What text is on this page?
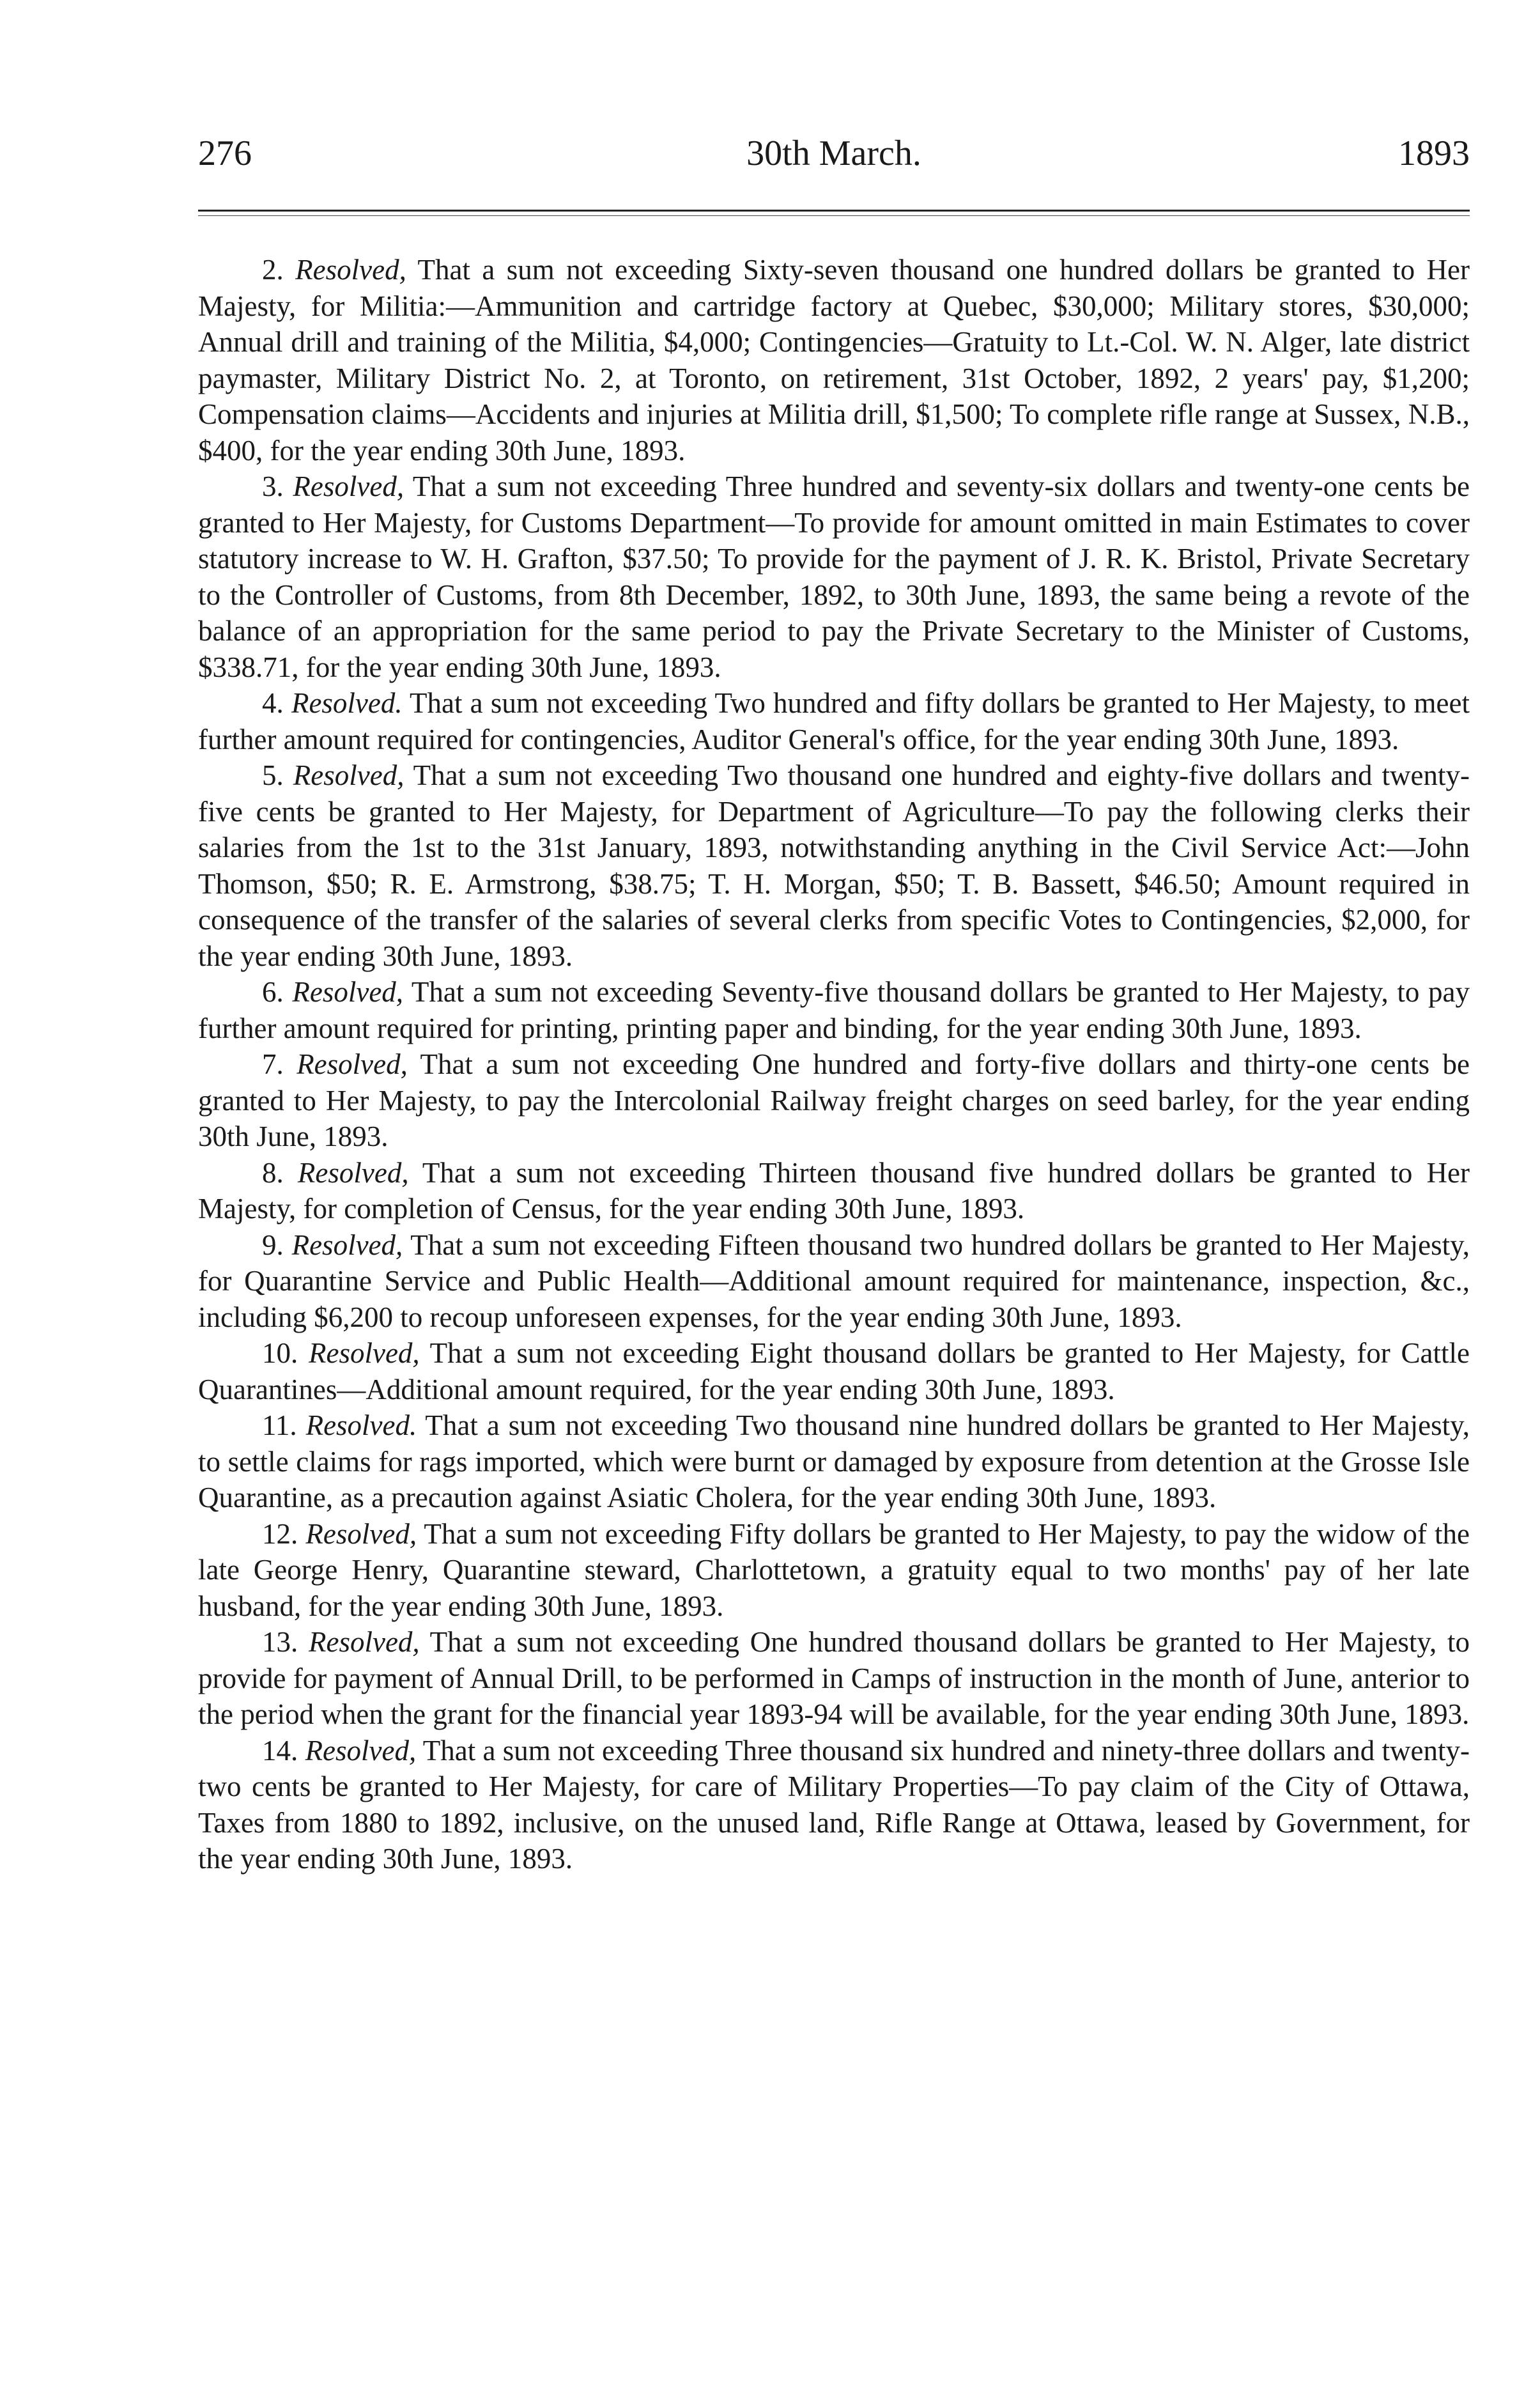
276	30th March.	1893

2. Resolved, That a sum not exceeding Sixty-seven thousand one hundred dollars be granted to Her Majesty, for Militia:—Ammunition and cartridge factory at Quebec, $30,000; Military stores, $30,000; Annual drill and training of the Militia, $4,000; Contingencies—Gratuity to Lt.-Col. W. N. Alger, late district paymaster, Military District No. 2, at Toronto, on retirement, 31st October, 1892, 2 years' pay, $1,200; Compensation claims—Accidents and injuries at Militia drill, $1,500; To complete rifle range at Sussex, N.B., $400, for the year ending 30th June, 1893.

3. Resolved, That a sum not exceeding Three hundred and seventy-six dollars and twenty-one cents be granted to Her Majesty, for Customs Department—To provide for amount omitted in main Estimates to cover statutory increase to W. H. Grafton, $37.50; To provide for the payment of J. R. K. Bristol, Private Secretary to the Controller of Customs, from 8th December, 1892, to 30th June, 1893, the same being a revote of the balance of an appropriation for the same period to pay the Private Secretary to the Minister of Customs, $338.71, for the year ending 30th June, 1893.

4. Resolved. That a sum not exceeding Two hundred and fifty dollars be granted to Her Majesty, to meet further amount required for contingencies, Auditor General's office, for the year ending 30th June, 1893.

5. Resolved, That a sum not exceeding Two thousand one hundred and eighty-five dollars and twenty-five cents be granted to Her Majesty, for Department of Agriculture—To pay the following clerks their salaries from the 1st to the 31st January, 1893, notwithstanding anything in the Civil Service Act:—John Thomson, $50; R. E. Armstrong, $38.75; T. H. Morgan, $50; T. B. Bassett, $46.50; Amount required in consequence of the transfer of the salaries of several clerks from specific Votes to Contingencies, $2,000, for the year ending 30th June, 1893.

6. Resolved, That a sum not exceeding Seventy-five thousand dollars be granted to Her Majesty, to pay further amount required for printing, printing paper and binding, for the year ending 30th June, 1893.

7. Resolved, That a sum not exceeding One hundred and forty-five dollars and thirty-one cents be granted to Her Majesty, to pay the Intercolonial Railway freight charges on seed barley, for the year ending 30th June, 1893.

8. Resolved, That a sum not exceeding Thirteen thousand five hundred dollars be granted to Her Majesty, for completion of Census, for the year ending 30th June, 1893.

9. Resolved, That a sum not exceeding Fifteen thousand two hundred dollars be granted to Her Majesty, for Quarantine Service and Public Health—Additional amount required for maintenance, inspection, &c., including $6,200 to recoup unforeseen expenses, for the year ending 30th June, 1893.

10. Resolved, That a sum not exceeding Eight thousand dollars be granted to Her Majesty, for Cattle Quarantines—Additional amount required, for the year ending 30th June, 1893.

11. Resolved. That a sum not exceeding Two thousand nine hundred dollars be granted to Her Majesty, to settle claims for rags imported, which were burnt or damaged by exposure from detention at the Grosse Isle Quarantine, as a precaution against Asiatic Cholera, for the year ending 30th June, 1893.

12. Resolved, That a sum not exceeding Fifty dollars be granted to Her Majesty, to pay the widow of the late George Henry, Quarantine steward, Charlottetown, a gratuity equal to two months' pay of her late husband, for the year ending 30th June, 1893.

13. Resolved, That a sum not exceeding One hundred thousand dollars be granted to Her Majesty, to provide for payment of Annual Drill, to be performed in Camps of instruction in the month of June, anterior to the period when the grant for the financial year 1893-94 will be available, for the year ending 30th June, 1893.

14. Resolved, That a sum not exceeding Three thousand six hundred and ninety-three dollars and twenty-two cents be granted to Her Majesty, for care of Military Properties—To pay claim of the City of Ottawa, Taxes from 1880 to 1892, inclusive, on the unused land, Rifle Range at Ottawa, leased by Government, for the year ending 30th June, 1893.
